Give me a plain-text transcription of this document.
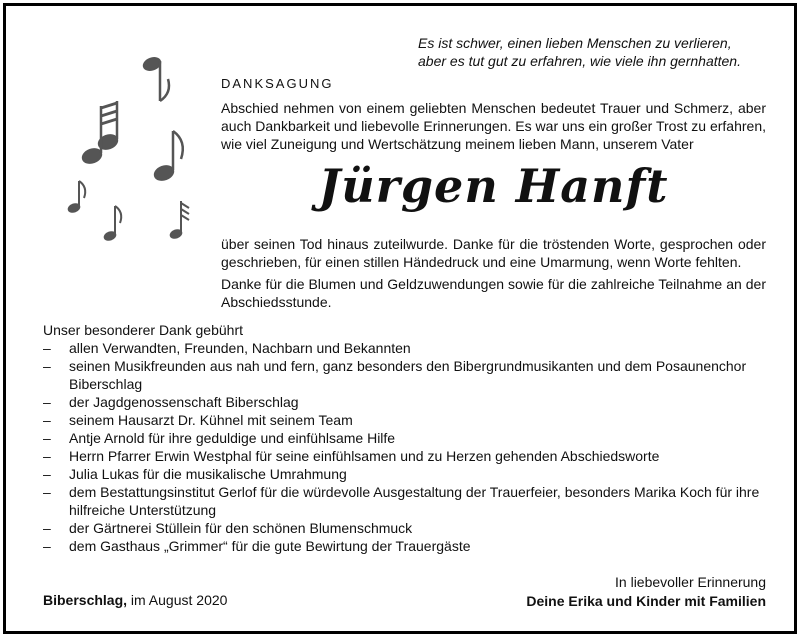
Es ist schwer, einen lieben Menschen zu verlieren,
aber es tut gut zu erfahren, wie viele ihn gernhatten.
DANKSAGUNG

Abschied nehmen von einem geliebten Menschen bedeutet Trauer und Schmerz, aber auch Dankbarkeit und liebevolle Erinnerungen. Es war uns ein großer Trost zu erfahren, wie viel Zuneigung und Wertschätzung meinem lieben Mann, unserem Vater

Jürgen Hanft

über seinen Tod hinaus zuteilwurde. Danke für die tröstenden Worte, gesprochen oder geschrieben, für einen stillen Händedruck und eine Umarmung, wenn Worte fehlten.

Danke für die Blumen und Geldzuwendungen sowie für die zahlreiche Teilnahme an der Abschiedsstunde.

Unser besonderer Dank gebührt
– allen Verwandten, Freunden, Nachbarn und Bekannten
– seinen Musikfreunden aus nah und fern, ganz besonders den Bibergrundmusikanten und dem Posaunenchor Biberschlag
– der Jagdgenossenschaft Biberschlag
– seinem Hausarzt Dr. Kühnel mit seinem Team
– Antje Arnold für ihre geduldige und einfühlsame Hilfe
– Herrn Pfarrer Erwin Westphal für seine einfühlsamen und zu Herzen gehenden Abschiedsworte
– Julia Lukas für die musikalische Umrahmung
– dem Bestattungsinstitut Gerlof für die würdevolle Ausgestaltung der Trauerfeier, besonders Marika Koch für ihre hilfreiche Unterstützung
– der Gärtnerei Stüllein für den schönen Blumenschmuck
– dem Gasthaus „Grimmer“ für die gute Bewirtung der Trauergäste
Biberschlag, im August 2020
In liebevoller Erinnerung
Deine Erika und Kinder mit Familien
